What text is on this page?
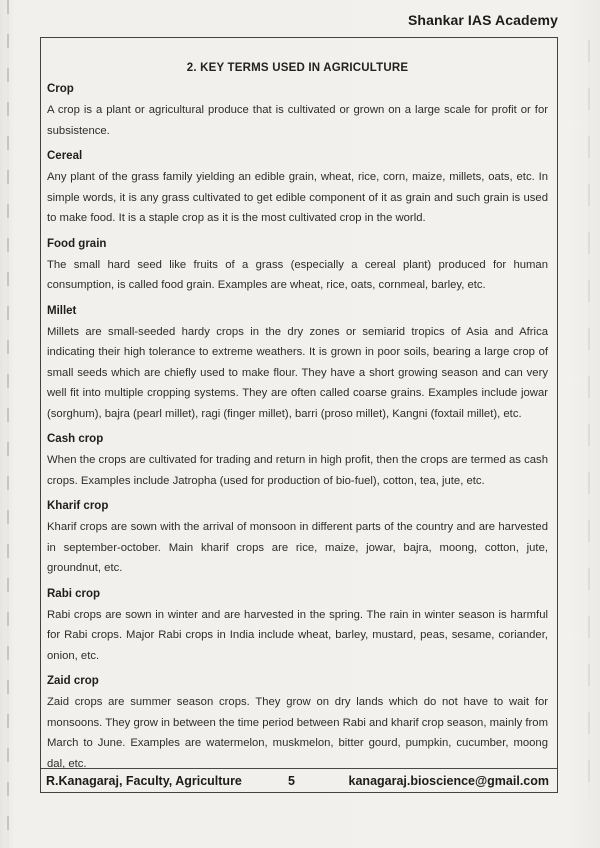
Shankar IAS Academy
2. KEY TERMS USED IN AGRICULTURE
Crop

A crop is a plant or agricultural produce that is cultivated or grown on a large scale for profit or for subsistence.

Cereal

Any plant of the grass family yielding an edible grain, wheat, rice, corn, maize, millets, oats, etc. In simple words, it is any grass cultivated to get edible component of it as grain and such grain is used to make food. It is a staple crop as it is the most cultivated crop in the world.

Food grain

The small hard seed like fruits of a grass (especially a cereal plant) produced for human consumption, is called food grain. Examples are wheat, rice, oats, cornmeal, barley, etc.

Millet

Millets are small-seeded hardy crops in the dry zones or semiarid tropics of Asia and Africa indicating their high tolerance to extreme weathers. It is grown in poor soils, bearing a large crop of small seeds which are chiefly used to make flour. They have a short growing season and can very well fit into multiple cropping systems. They are often called coarse grains. Examples include jowar (sorghum), bajra (pearl millet), ragi (finger millet), barri (proso millet), Kangni (foxtail millet), etc.

Cash crop

When the crops are cultivated for trading and return in high profit, then the crops are termed as cash crops. Examples include Jatropha (used for production of bio-fuel), cotton, tea, jute, etc.

Kharif crop

Kharif crops are sown with the arrival of monsoon in different parts of the country and are harvested in september-october. Main kharif crops are rice, maize, jowar, bajra, moong, cotton, jute, groundnut, etc.

Rabi crop

Rabi crops are sown in winter and are harvested in the spring. The rain in winter season is harmful for Rabi crops. Major Rabi crops in India include wheat, barley, mustard, peas, sesame, coriander, onion, etc.

Zaid crop

Zaid crops are summer season crops. They grow on dry lands which do not have to wait for monsoons. They grow in between the time period between Rabi and kharif crop season, mainly from March to June. Examples are watermelon, muskmelon, bitter gourd, pumpkin, cucumber, moong dal, etc.

R.Kanagaraj, Faculty, Agriculture	5	kanagaraj.bioscience@gmail.com
